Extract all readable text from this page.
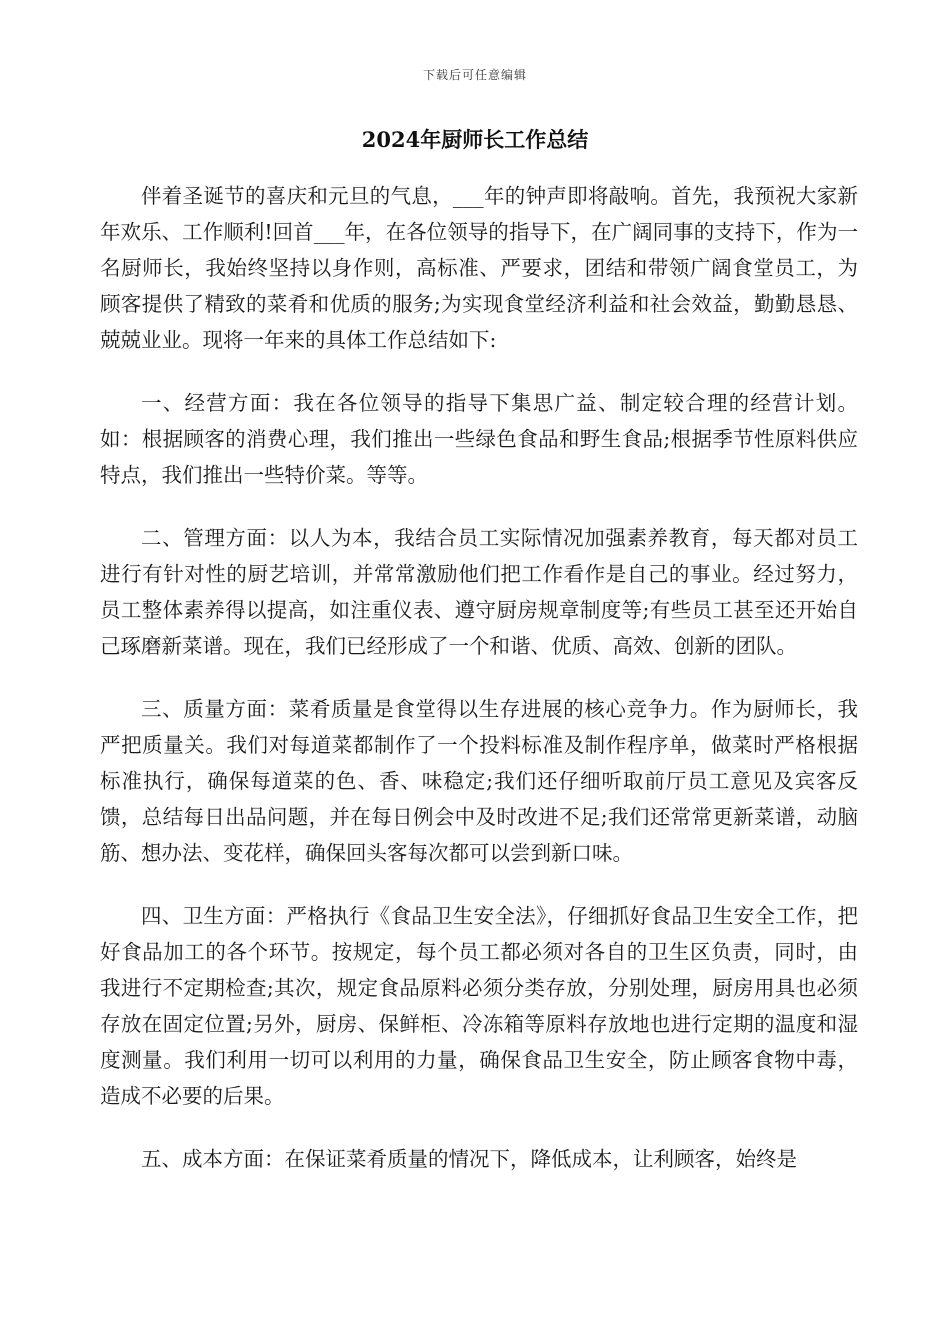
下载后可任意编辑
2024年厨师长工作总结

伴着圣诞节的喜庆和元旦的气息，___年的钟声即将敲响。首先，我预祝大家新年欢乐、工作顺利!回首___年，在各位领导的指导下，在广阔同事的支持下，作为一名厨师长，我始终坚持以身作则，高标准、严要求，团结和带领广阔食堂员工，为顾客提供了精致的菜肴和优质的服务;为实现食堂经济利益和社会效益，勤勤恳恳、兢兢业业。现将一年来的具体工作总结如下:

一、经营方面：我在各位领导的指导下集思广益、制定较合理的经营计划。如：根据顾客的消费心理，我们推出一些绿色食品和野生食品;根据季节性原料供应特点，我们推出一些特价菜。等等。

二、管理方面：以人为本，我结合员工实际情况加强素养教育，每天都对员工进行有针对性的厨艺培训，并常常激励他们把工作看作是自己的事业。经过努力，员工整体素养得以提高，如注重仪表、遵守厨房规章制度等;有些员工甚至还开始自己琢磨新菜谱。现在，我们已经形成了一个和谐、优质、高效、创新的团队。

三、质量方面：菜肴质量是食堂得以生存进展的核心竞争力。作为厨师长，我严把质量关。我们对每道菜都制作了一个投料标准及制作程序单，做菜时严格根据标准执行，确保每道菜的色、香、味稳定;我们还仔细听取前厅员工意见及宾客反馈，总结每日出品问题，并在每日例会中及时改进不足;我们还常常更新菜谱，动脑筋、想办法、变花样，确保回头客每次都可以尝到新口味。

四、卫生方面：严格执行《食品卫生安全法》，仔细抓好食品卫生安全工作，把好食品加工的各个环节。按规定，每个员工都必须对各自的卫生区负责，同时，由我进行不定期检查;其次，规定食品原料必须分类存放，分别处理，厨房用具也必须存放在固定位置;另外，厨房、保鲜柜、冷冻箱等原料存放地也进行定期的温度和湿度测量。我们利用一切可以利用的力量，确保食品卫生安全，防止顾客食物中毒，造成不必要的后果。

五、成本方面：在保证菜肴质量的情况下，降低成本，让利顾客，始终是
